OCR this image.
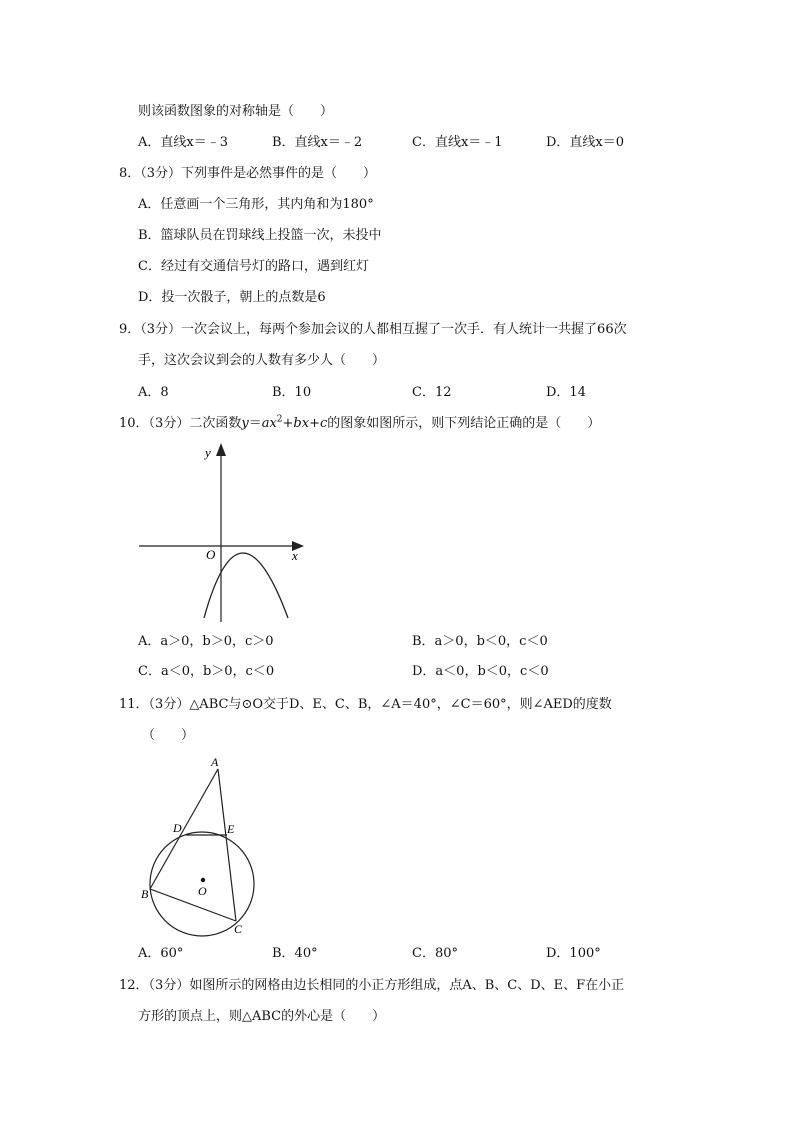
则该函数图象的对称轴是（　　）
A．直线x＝﹣3	B．直线x＝﹣2	C．直线x＝﹣1	D．直线x＝0
8．（3分）下列事件是必然事件的是（　　）
A．任意画一个三角形，其内角和为180°
B．篮球队员在罚球线上投篮一次，未投中
C．经过有交通信号灯的路口，遇到红灯
D．投一次骰子，朝上的点数是6
9．（3分）一次会议上，每两个参加会议的人都相互握了一次手．有人统计一共握了66次
手，这次会议到会的人数有多少人（　　）
A．8	B．10	C．12	D．14
10．（3分）二次函数$y=ax^2+bx+c$的图象如图所示，则下列结论正确的是（　　）
y
x
O
A．a＞0，b＞0，c＞0	B．a＞0，b＜0，c＜0
C．a＜0，b＞0，c＜0	D．a＜0，b＜0，c＜0
11．（3分）△ABC与⊙O交于D、E、C、B，∠A＝40°，∠C＝60°，则∠AED的度数
（　　）
A
D	E
O
B
C
A．60°	B．40°	C．80°	D．100°
12．（3分）如图所示的网格由边长相同的小正方形组成，点A、B、C、D、E、F在小正
方形的顶点上，则△ABC的外心是（　　）
